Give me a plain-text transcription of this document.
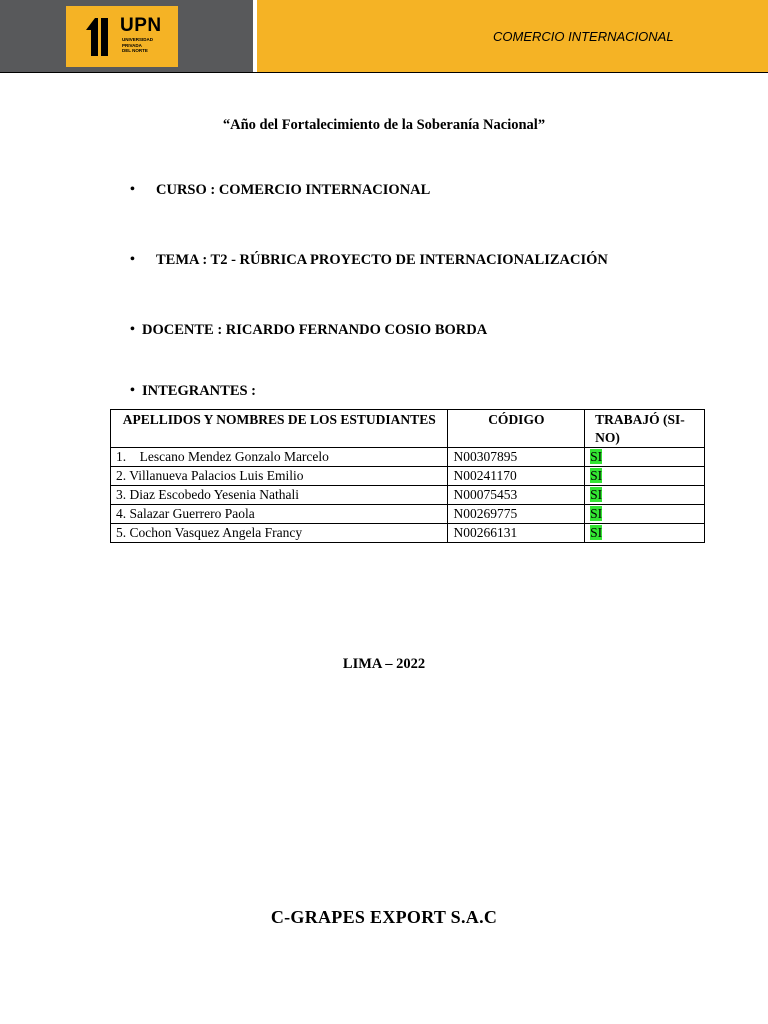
UPN
UNIVERSIDAD
PRIVADA
DEL NORTE
COMERCIO INTERNACIONAL
“Año del Fortalecimiento de la Soberanía Nacional”
• CURSO : COMERCIO INTERNACIONAL
• TEMA : T2 - RÚBRICA PROYECTO DE INTERNACIONALIZACIÓN
• DOCENTE : RICARDO FERNANDO COSIO BORDA
• INTEGRANTES :
APELLIDOS Y NOMBRES DE LOS ESTUDIANTES	CÓDIGO	TRABAJÓ (SI-NO)
1.    Lescano Mendez Gonzalo Marcelo	N00307895	SI
2. Villanueva Palacios Luis Emilio	N00241170	SI
3. Diaz Escobedo Yesenia Nathali	N00075453	SI
4. Salazar Guerrero Paola	N00269775	SI
5. Cochon Vasquez Angela Francy	N00266131	SI
LIMA – 2022
C-GRAPES EXPORT S.A.C
